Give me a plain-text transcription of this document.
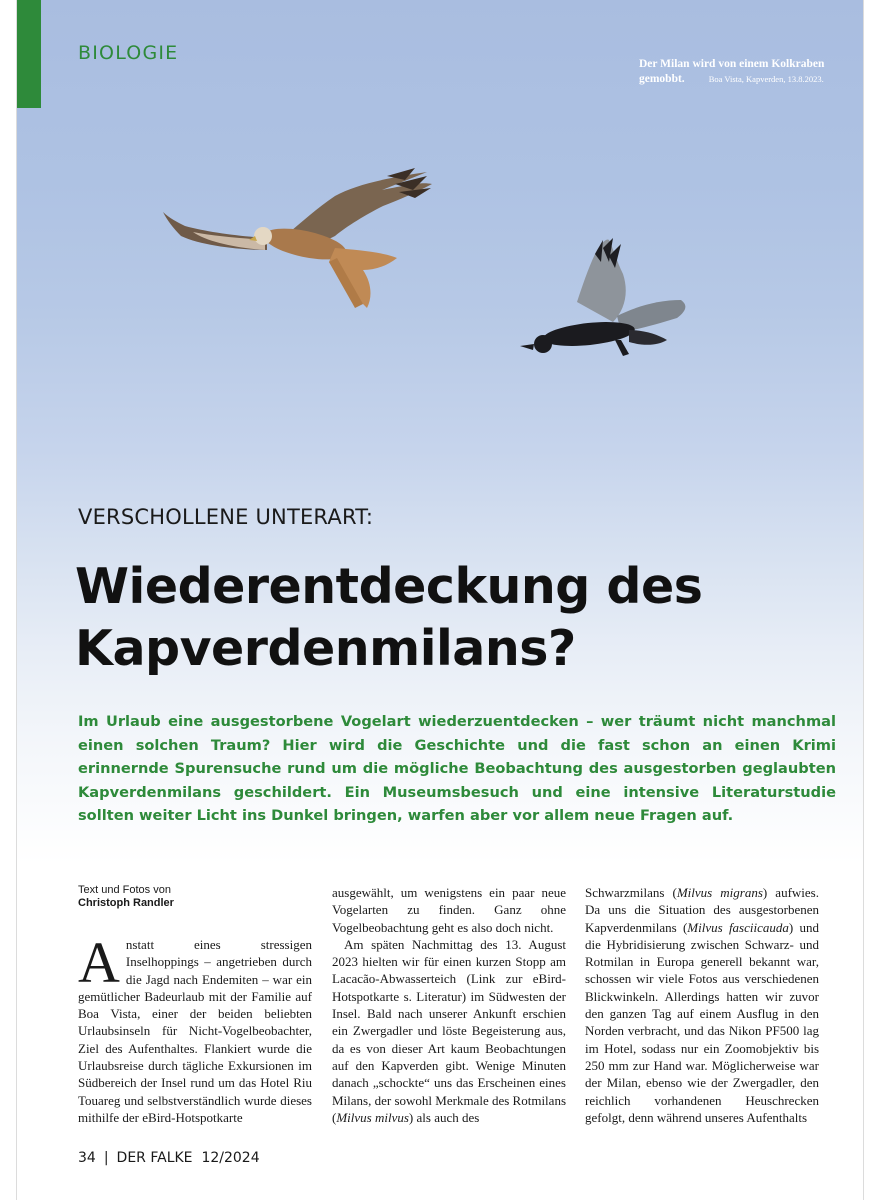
BIOLOGIE	Der Milan wird von einem Kolkraben
gemobbt.	Boa Vista, Kapverden, 13.8.2023.
VERSCHOLLENE UNTERART:
Wiederentdeckung des
Kapverdenmilans?

Im Urlaub eine ausgestorbene Vogelart wiederzuentdecken – wer träumt nicht manchmal einen solchen Traum? Hier wird die Geschichte und die fast schon an einen Krimi erinnernde Spurensuche rund um die mögliche Beobachtung des ausgestorben geglaubten Kapverdenmilans geschildert. Ein Museumsbesuch und eine intensive Literaturstudie sollten weiter Licht ins Dunkel bringen, warfen aber vor allem neue Fragen auf.

Text und Fotos von
Christoph Randler

Anstatt eines stressigen Inselhoppings – angetrieben durch die Jagd nach Endemiten – war ein gemütlicher Badeurlaub mit der Familie auf Boa Vista, einer der beiden beliebten Urlaubsinseln für Nicht-Vogelbeobachter, Ziel des Aufenthaltes. Flankiert wurde die Urlaubsreise durch tägliche Exkursionen im Südbereich der Insel rund um das Hotel Riu Touareg und selbstverständlich wurde dieses mithilfe der eBird-Hotspotkarte

ausgewählt, um wenigstens ein paar neue Vogelarten zu finden. Ganz ohne Vogelbeobachtung geht es also doch nicht.

Am späten Nachmittag des 13. August 2023 hielten wir für einen kurzen Stopp am Lacacão-Abwasserteich (Link zur eBird-Hotspotkarte s. Literatur) im Südwesten der Insel. Bald nach unserer Ankunft erschien ein Zwergadler und löste Begeisterung aus, da es von dieser Art kaum Beobachtungen auf den Kapverden gibt. Wenige Minuten danach „schockte“ uns das Erscheinen eines Milans, der sowohl Merkmale des Rotmilans (Milvus milvus) als auch des

Schwarzmilans (Milvus migrans) aufwies. Da uns die Situation des ausgestorbenen Kapverdenmilans (Milvus fasciicauda) und die Hybridisierung zwischen Schwarz- und Rotmilan in Europa generell bekannt war, schossen wir viele Fotos aus verschiedenen Blickwinkeln. Allerdings hatten wir zuvor den ganzen Tag auf einem Ausflug in den Norden verbracht, und das Nikon PF500 lag im Hotel, sodass nur ein Zoomobjektiv bis 250 mm zur Hand war. Möglicherweise war der Milan, ebenso wie der Zwergadler, den reichlich vorhandenen Heuschrecken gefolgt, denn während unseres Aufenthalts

34 | DER FALKE 12/2024
